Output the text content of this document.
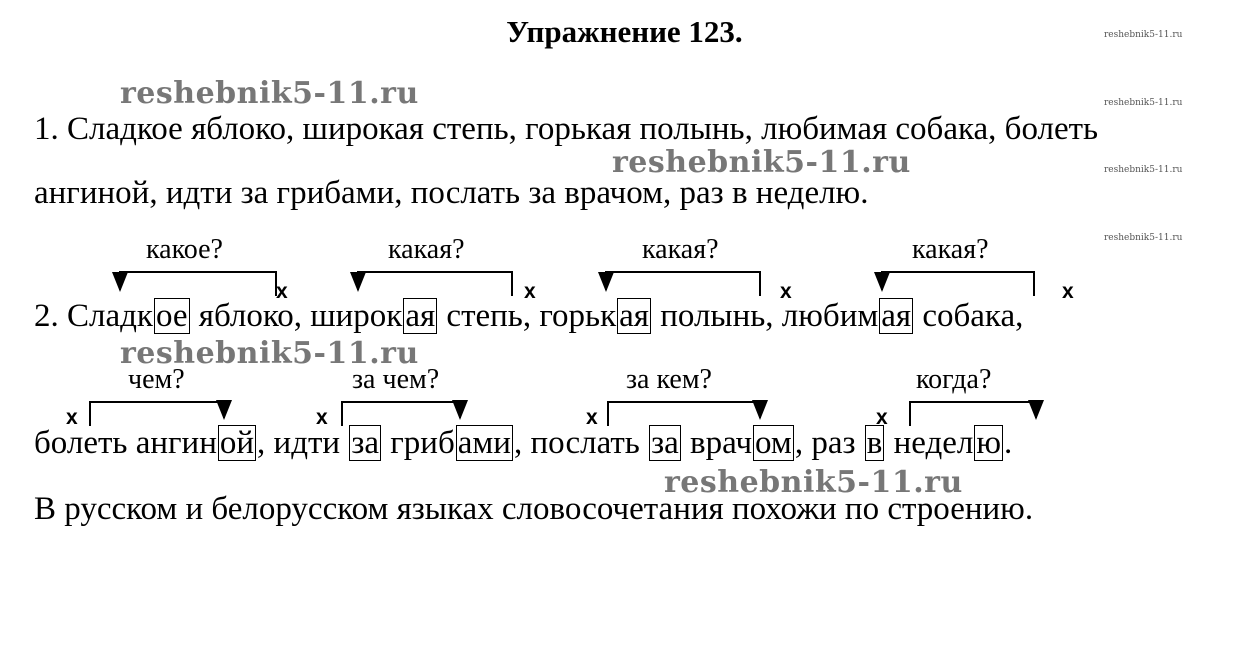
Упражнение 123.	reshebnik5-11.ru
reshebnik5-11.ru
reshebnik5-11.ru
reshebnik5-11.ru
1. Сладкое яблоко, широкая степь, горькая полынь, любимая собака, болеть
ангиной, идти за грибами, послать за врачом, раз в неделю.
какое?	какая?	какая?	какая?
x	x	x	x
2. Сладкое яблоко, широкая степь, горькая полынь, любимая собака,
чем?	за чем?	за кем?	когда?
x	x	x	x
болеть ангиной, идти за грибами, послать за врачом, раз в неделю.
В русском и белорусском языках словосочетания похожи по строению.
reshebnik5-11.ru
reshebnik5-11.ru
reshebnik5-11.ru
reshebnik5-11.ru
